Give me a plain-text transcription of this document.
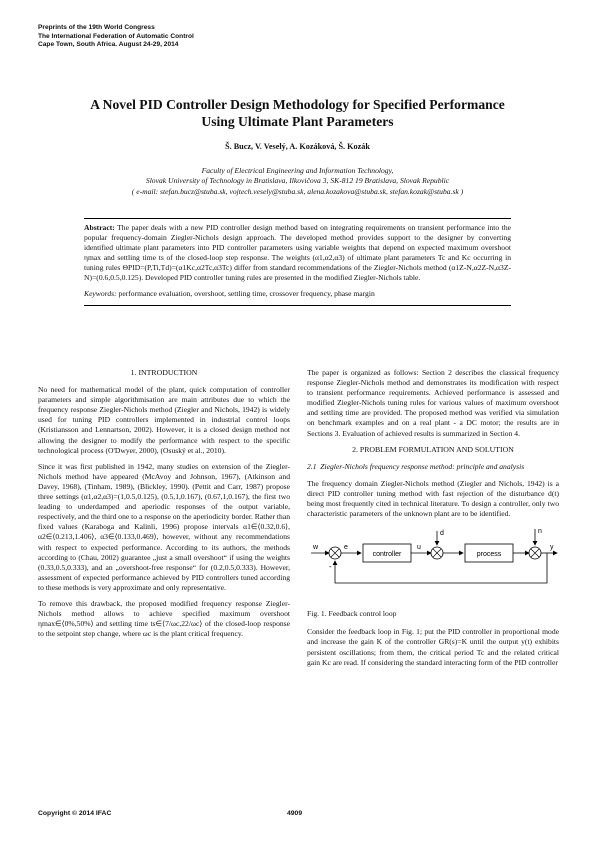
Preprints of the 19th World Congress
The International Federation of Automatic Control
Cape Town, South Africa. August 24-29, 2014
A Novel PID Controller Design Methodology for Specified Performance
Using Ultimate Plant Parameters
Š. Bucz, V. Veselý, A. Kozáková, Š. Kozák
Faculty of Electrical Engineering and Information Technology,
Slovak University of Technology in Bratislava, Ilkovičova 3, SK-812 19 Bratislava, Slovak Republic
( e-mail: stefan.bucz@stuba.sk, vojtech.vesely@stuba.sk, alena.kozakova@stuba.sk, stefan.kozak@stuba.sk )
Abstract: The paper deals with a new PID controller design method based on integrating requirements on transient performance into the popular frequency-domain Ziegler-Nichols design approach. The developed method provides support to the designer by converting identified ultimate plant parameters into PID controller parameters using variable weights that depend on expected maximum overshoot ηmax and settling time ts of the closed-loop step response. The weights (α1,α2,α3) of ultimate plant parameters Tc and Kc occurring in tuning rules ΘPID=(P,Ti,Td)=(α1Kc,α2Tc,α3Tc) differ from standard recommendations of the Ziegler-Nichols method (α1Z-N,α2Z-N,α3Z-N)=(0.6,0.5,0.125). Developed PID controller tuning rules are presented in the modified Ziegler-Nichols table.
Keywords: performance evaluation, overshoot, settling time, crossover frequency, phase margin
1. INTRODUCTION

No need for mathematical model of the plant, quick computation of controller parameters and simple algorithmisation are main attributes due to which the frequency response Ziegler-Nichols method (Ziegler and Nichols, 1942) is widely used for tuning PID controllers implemented in industrial control loops (Kristiansson and Lennartson, 2002). However, it is a closed design method not allowing the designer to modify the performance with respect to the specific technological process (O'Dwyer, 2000), (Osuský et al., 2010).

Since it was first published in 1942, many studies on extension of the Ziegler-Nichols method have appeared (McAvoy and Johnson, 1967), (Atkinson and Davey, 1968), (Tinham, 1989), (Blickley, 1990). (Pettit and Carr, 1987) propose three settings (α1,α2,α3)=(1,0.5,0.125), (0.5,1,0.167), (0.67,1,0.167), the first two leading to underdamped and aperiodic responses of the output variable, respectively, and the third one to a response on the aperiodicity border. Rather than fixed values (Karaboga and Kalinli, 1996) propose intervals α1∈⟨0.32,0.6⟩, α2∈⟨0.213,1.406⟩, α3∈⟨0.133,0.469⟩, however, without any recommendations with respect to expected performance. According to its authors, the methods according to (Chau, 2002) guarantee „just a small overshoot“ if using the weights (0.33,0.5,0.333), and an „overshoot-free response“ for (0.2,0.5,0.333). However, assessment of expected performance achieved by PID controllers tuned according to these methods is very approximate and only representative.

To remove this drawback, the proposed modified frequency response Ziegler-Nichols method allows to achieve specified maximum overshoot ηmax∈⟨0%,50%⟩ and settling time ts∈⟨7/ωc,22/ωc⟩ of the closed-loop response to the setpoint step change, where ωc is the plant critical frequency.

The paper is organized as follows: Section 2 describes the classical frequency response Ziegler-Nichols method and demonstrates its modification with respect to transient performance requirements. Achieved performance is assessed and modified Ziegler-Nichols tuning rules for various values of maximum overshoot and settling time are provided. The proposed method was verified via simulation on benchmark examples and on a real plant - a DC motor; the results are in Sections 3. Evaluation of achieved results is summarized in Section 4.

2. PROBLEM FORMULATION AND SOLUTION
2.1 Ziegler-Nichols frequency response method: principle and analysis

The frequency domain Ziegler-Nichols method (Ziegler and Nichols, 1942) is a direct PID controller tuning method with fast rejection of the disturbance d(t) being most frequently cited in technical literature. To design a controller, only two characteristic parameters of the unknown plant are to be identified.

w
-
e
controller
u
d
process
n
y
Fig. 1. Feedback control loop

Consider the feedback loop in Fig. 1; put the PID controller in proportional mode and increase the gain K of the controller GR(s)=K until the output y(t) exhibits persistent oscillations; from them, the critical period Tc and the related critical gain Kc are read. If considering the standard interacting form of the PID controller

Copyright © 2014 IFAC	4909
